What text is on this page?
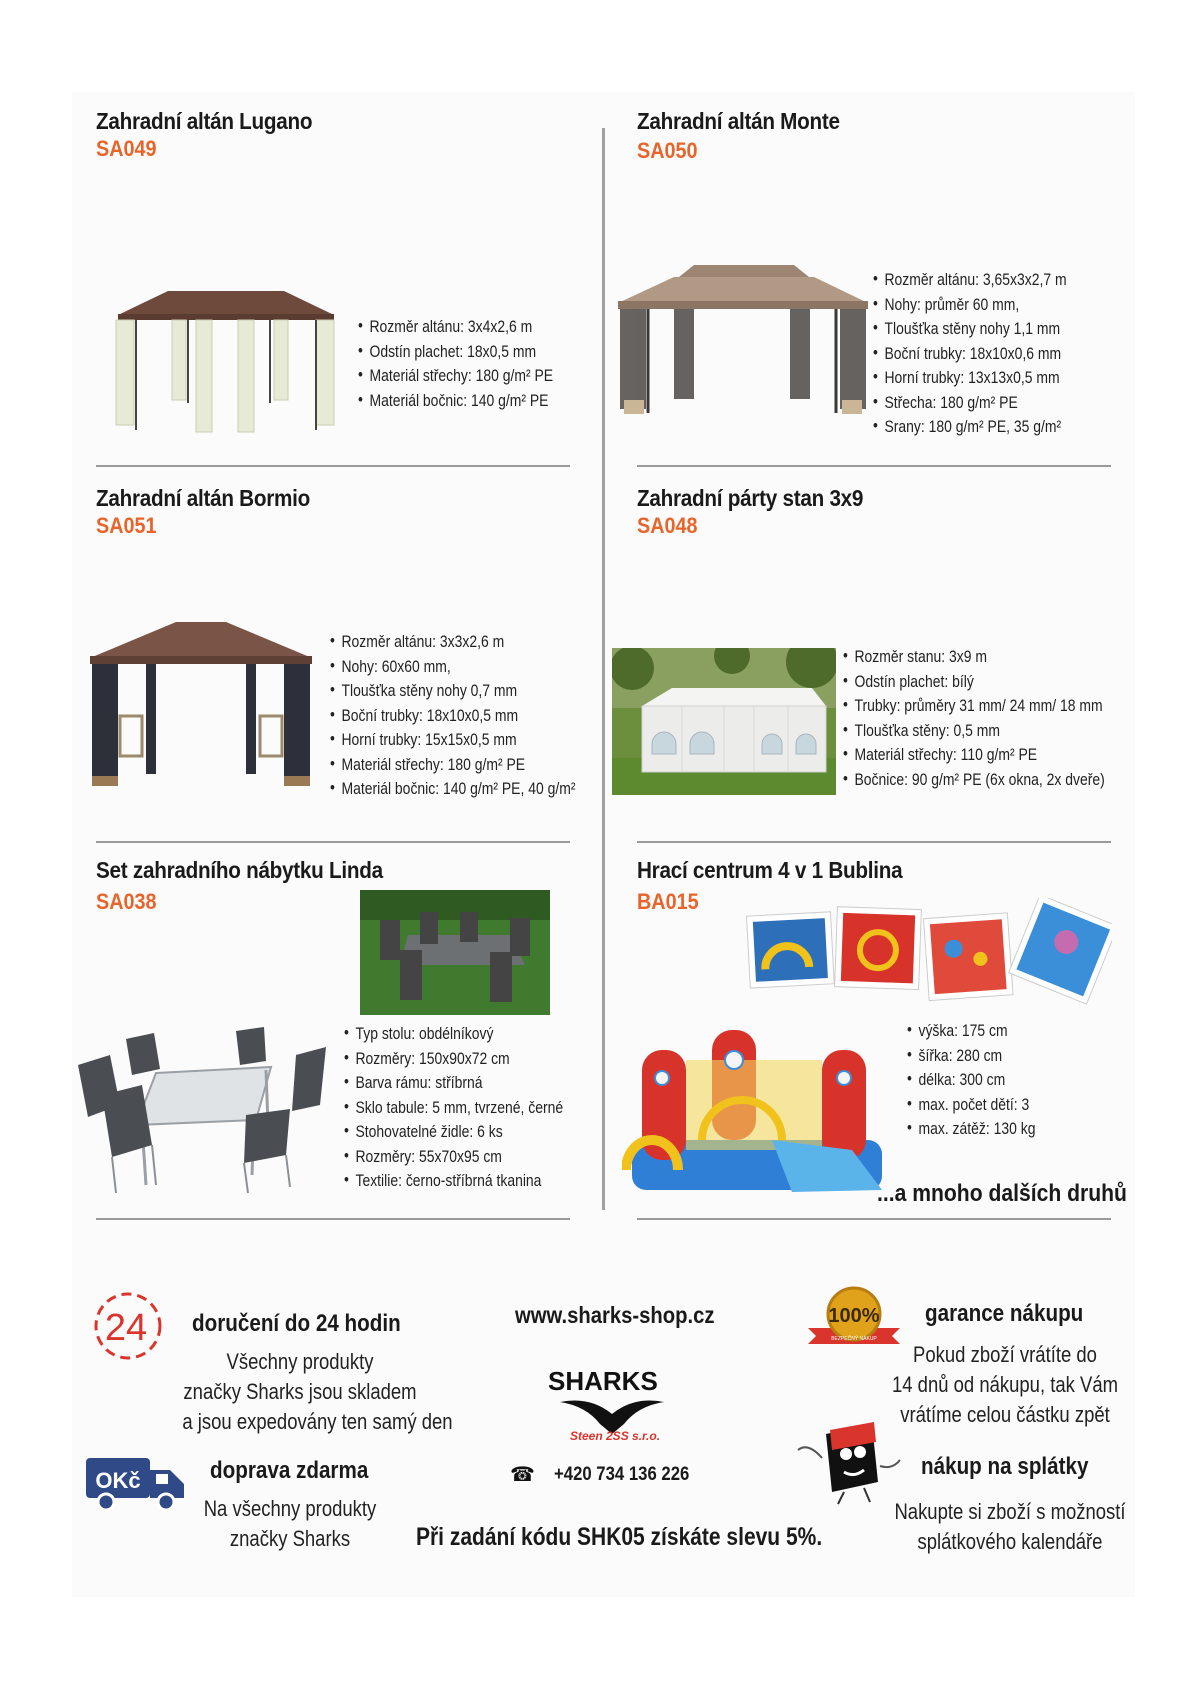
Zahradní altán Lugano
SA049
• Rozměr altánu: 3x4x2,6 m
• Odstín plachet: 18x0,5 mm
• Materiál střechy: 180 g/m² PE
• Materiál bočnic: 140 g/m² PE
Zahradní altán Monte
SA050
• Rozměr altánu: 3,65x3x2,7 m
• Nohy: průměr 60 mm,
• Tloušťka stěny nohy 1,1 mm
• Boční trubky: 18x10x0,6 mm
• Horní trubky: 13x13x0,5 mm
• Střecha: 180 g/m² PE
• Srany: 180 g/m² PE, 35 g/m²
Zahradní altán Bormio
SA051
• Rozměr altánu: 3x3x2,6 m
• Nohy: 60x60 mm,
• Tloušťka stěny nohy 0,7 mm
• Boční trubky: 18x10x0,5 mm
• Horní trubky: 15x15x0,5 mm
• Materiál střechy: 180 g/m² PE
• Materiál bočnic: 140 g/m² PE, 40 g/m²
Zahradní párty stan 3x9
SA048
• Rozměr stanu: 3x9 m
• Odstín plachet: bílý
• Trubky: průměry 31 mm/ 24 mm/ 18 mm
• Tloušťka stěny: 0,5 mm
• Materiál střechy: 110 g/m² PE
• Bočnice: 90 g/m² PE (6x okna, 2x dveře)
Set zahradního nábytku Linda
SA038
• Typ stolu: obdélníkový
• Rozměry: 150x90x72 cm
• Barva rámu: stříbrná
• Sklo tabule: 5 mm, tvrzené, černé
• Stohovatelné židle: 6 ks
• Rozměry: 55x70x95 cm
• Textilie: černo-stříbrná tkanina
Hrací centrum 4 v 1 Bublina
BA015
• výška: 175 cm
• šířka: 280 cm
• délka: 300 cm
• max. počet dětí: 3
• max. zátěž: 130 kg
...a mnoho dalších druhů
24 doručení do 24 hodin
Všechny produkty
značky Sharks jsou skladem
a jsou expedovány ten samý den
OKč	doprava zdarma
Na všechny produkty
značky Sharks
www.sharks-shop.cz
SHARKS
Steen 2SS s.r.o.
☎ +420 734 136 226
Při zadání kódu SHK05 získáte slevu 5%.
100%
BEZPEČNÝ NÁKUP
garance nákupu
Pokud zboží vrátíte do
14 dnů od nákupu, tak Vám
vrátíme celou částku zpět
nákup na splátky
Nakupte si zboží s možností
splátkového kalendáře
